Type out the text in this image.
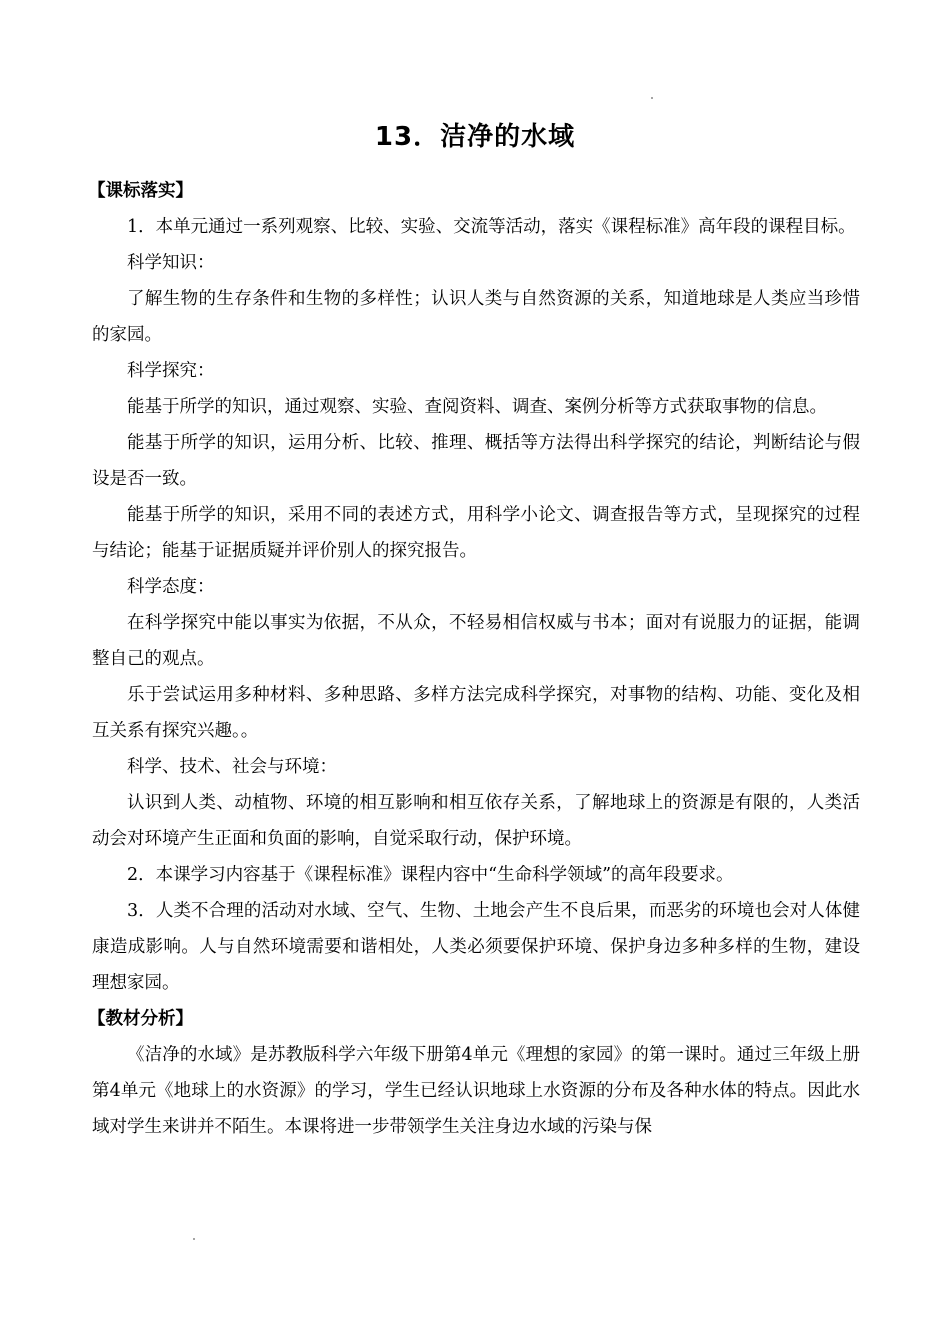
13．洁净的水域
【课标落实】

1．本单元通过一系列观察、比较、实验、交流等活动，落实《课程标准》高年段的课程目标。

科学知识：

了解生物的生存条件和生物的多样性；认识人类与自然资源的关系，知道地球是人类应当珍惜的家园。

科学探究：

能基于所学的知识，通过观察、实验、查阅资料、调查、案例分析等方式获取事物的信息。

能基于所学的知识，运用分析、比较、推理、概括等方法得出科学探究的结论，判断结论与假设是否一致。

能基于所学的知识，采用不同的表述方式，用科学小论文、调查报告等方式，呈现探究的过程与结论；能基于证据质疑并评价别人的探究报告。

科学态度：

在科学探究中能以事实为依据，不从众，不轻易相信权威与书本；面对有说服力的证据，能调整自己的观点。

乐于尝试运用多种材料、多种思路、多样方法完成科学探究，对事物的结构、功能、变化及相互关系有探究兴趣。。

科学、技术、社会与环境：

认识到人类、动植物、环境的相互影响和相互依存关系，了解地球上的资源是有限的，人类活动会对环境产生正面和负面的影响，自觉采取行动，保护环境。

2．本课学习内容基于《课程标准》课程内容中“生命科学领域”的高年段要求。

3．人类不合理的活动对水域、空气、生物、土地会产生不良后果，而恶劣的环境也会对人体健康造成影响。人与自然环境需要和谐相处，人类必须要保护环境、保护身边多种多样的生物，建设理想家园。

【教材分析】

《洁净的水域》是苏教版科学六年级下册第4单元《理想的家园》的第一课时。通过三年级上册第4单元《地球上的水资源》的学习，学生已经认识地球上水资源的分布及各种水体的特点。因此水域对学生来讲并不陌生。本课将进一步带领学生关注身边水域的污染与保
